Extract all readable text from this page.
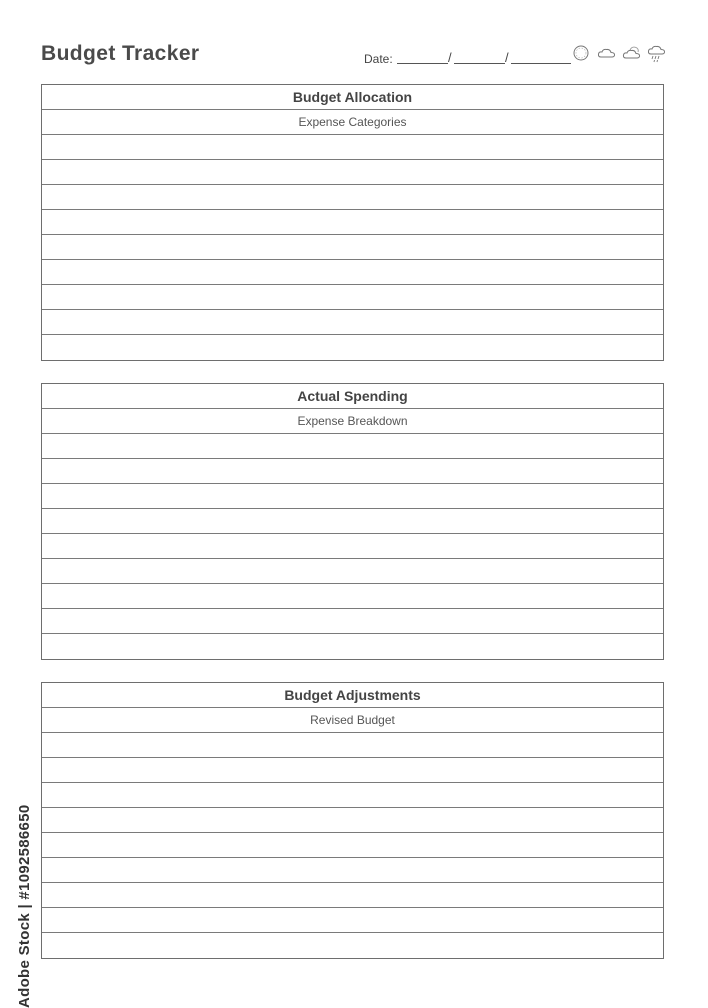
Budget Tracker	Date:	/	/
Budget Allocation
Expense Categories
Actual Spending
Expense Breakdown
Budget Adjustments
Revised Budget
Adobe Stock | #1092586650
